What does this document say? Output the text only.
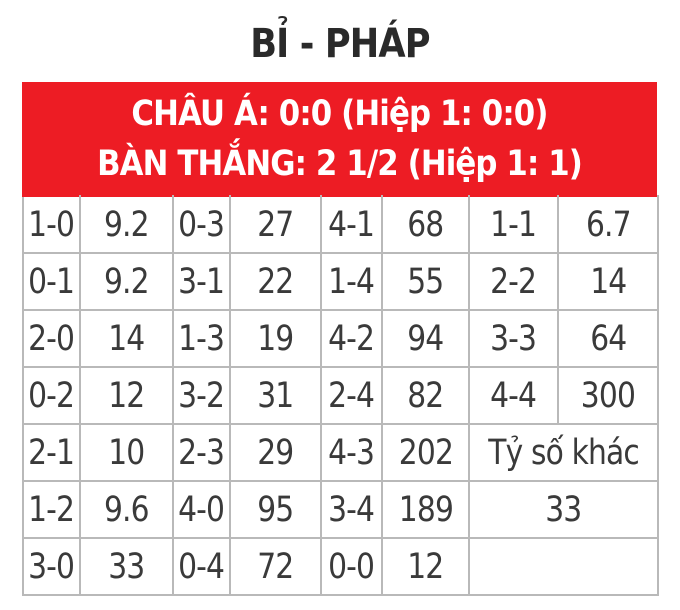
BỈ - PHÁP
CHÂU Á: 0:0 (Hiệp 1: 0:0)
BÀN THẮNG: 2 1/2 (Hiệp 1: 1)
1-0	9.2	0-3	27	4-1	68	1-1	6.7
0-1	9.2	3-1	22	1-4	55	2-2	14
2-0	14	1-3	19	4-2	94	3-3	64
0-2	12	3-2	31	2-4	82	4-4	300
2-1	10	2-3	29	4-3	202	Tỷ số khác	
1-2	9.6	4-0	95	3-4	189	33	
3-0	33	0-4	72	0-0	12		
